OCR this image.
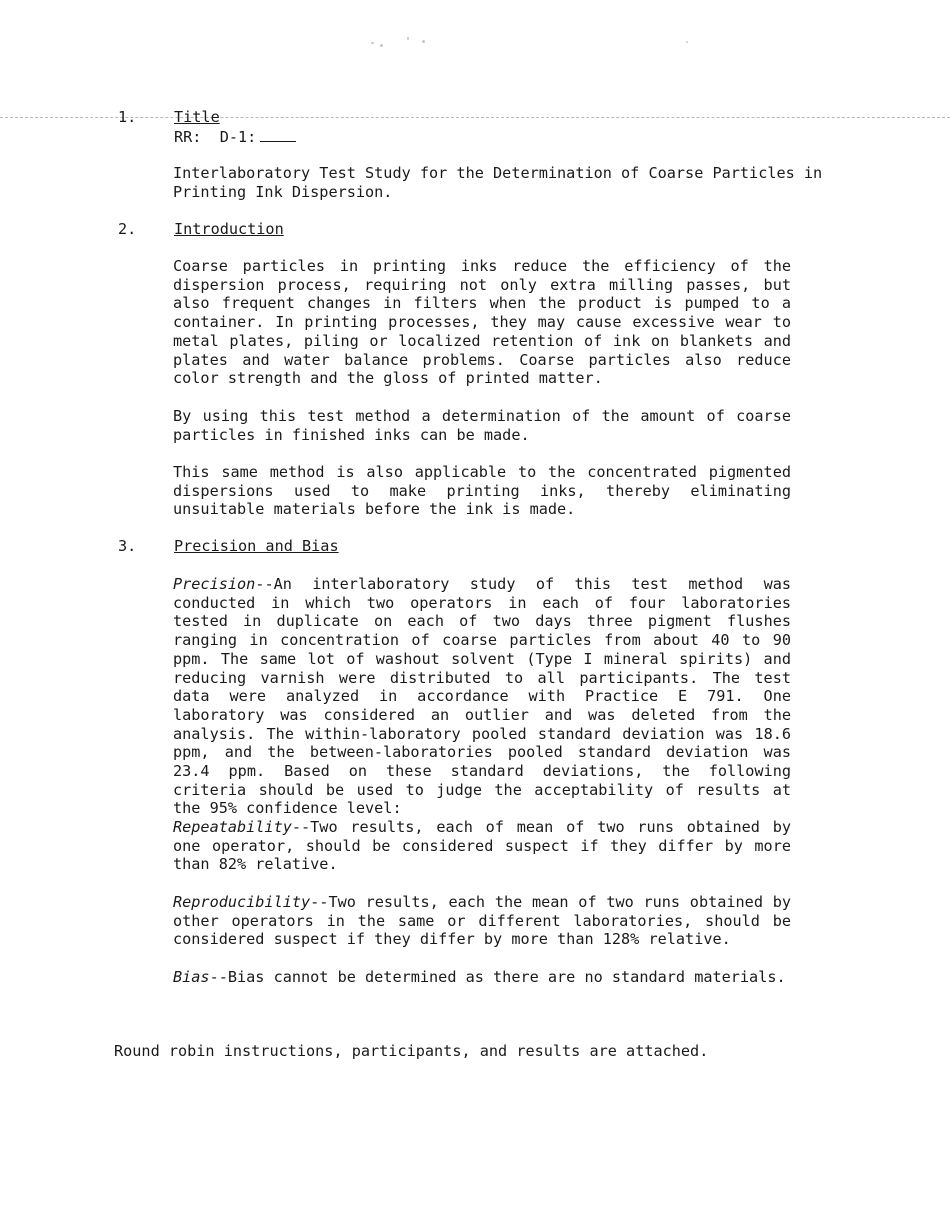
1. Title
RR:  D-1:

Interlaboratory Test Study for the Determination of Coarse Particles in Printing Ink Dispersion.

2. Introduction

Coarse particles in printing inks reduce the efficiency of the dispersion process, requiring not only extra milling passes, but also frequent changes in filters when the product is pumped to a container. In printing processes, they may cause excessive wear to metal plates, piling or localized retention of ink on blankets and plates and water balance problems. Coarse particles also reduce color strength and the gloss of printed matter.

By using this test method a determination of the amount of coarse particles in finished inks can be made.

This same method is also applicable to the concentrated pigmented dispersions used to make printing inks, thereby eliminating unsuitable materials before the ink is made.

3. Precision and Bias

Precision--An interlaboratory study of this test method was conducted in which two operators in each of four laboratories tested in duplicate on each of two days three pigment flushes ranging in concentration of coarse particles from about 40 to 90 ppm. The same lot of washout solvent (Type I mineral spirits) and reducing varnish were distributed to all participants. The test data were analyzed in accordance with Practice E 791. One laboratory was considered an outlier and was deleted from the analysis. The within-laboratory pooled standard deviation was 18.6 ppm, and the between-laboratories pooled standard deviation was 23.4 ppm. Based on these standard deviations, the following criteria should be used to judge the acceptability of results at the 95% confidence level:

Repeatability--Two results, each of mean of two runs obtained by one operator, should be considered suspect if they differ by more than 82% relative.

Reproducibility--Two results, each the mean of two runs obtained by other operators in the same or different laboratories, should be considered suspect if they differ by more than 128% relative.

Bias--Bias cannot be determined as there are no standard materials.

Round robin instructions, participants, and results are attached.
